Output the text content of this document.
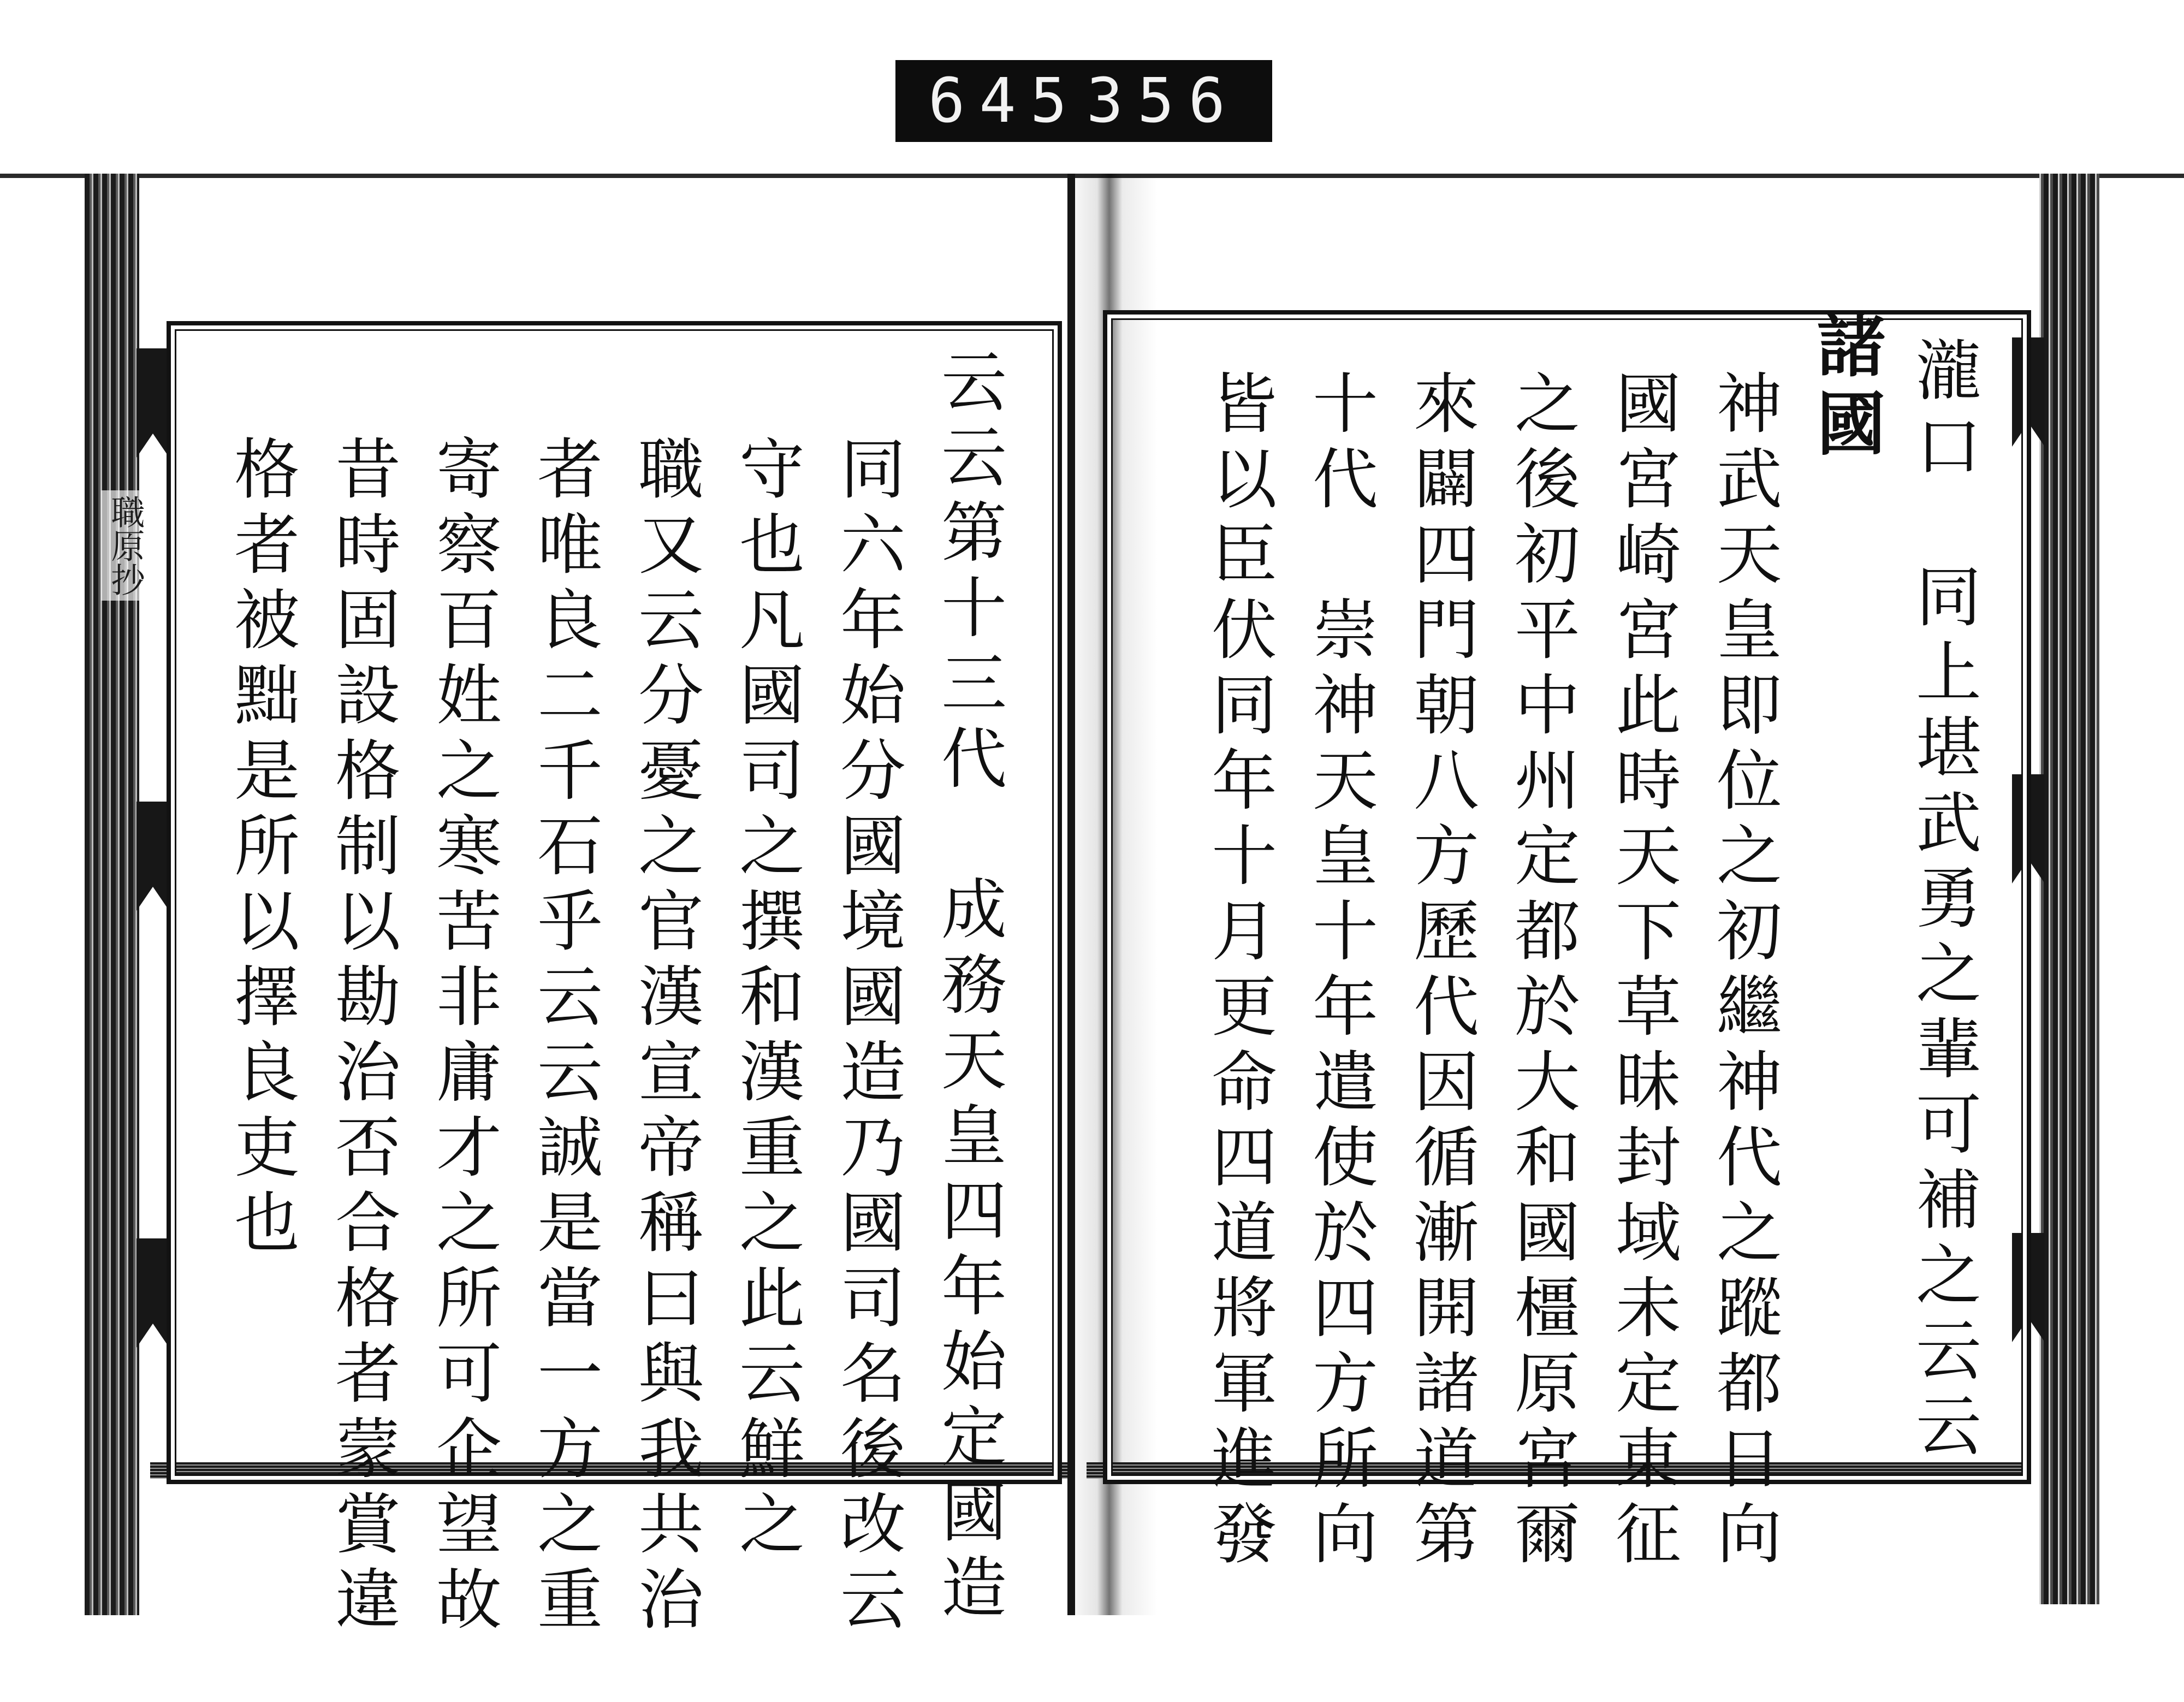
645 356
職原抄	云云第十三代　成務天皇四年始定國造
同六年始分國境國造乃國司名後改云
守也凡國司之撰和漢重之此云鮮之
職又云分憂之官漢宣帝稱曰與我共治
者唯良二千石乎云云誠是當一方之重
寄察百姓之寒苦非庸才之所可企望故
昔時固設格制以勘治否合格者蒙賞違
格者被黜是所以擇良吏也	瀧口　同上堪武勇之輩可補之云云
諸國
神武天皇即位之初繼神代之蹤都日向
國宮崎宮此時天下草昧封域未定東征
之後初平中州定都於大和國橿原宮爾
來闢四門朝八方歷代因循漸開諸道第
十代　崇神天皇十年遣使於四方所向
皆以臣伏同年十月更命四道將軍進發
